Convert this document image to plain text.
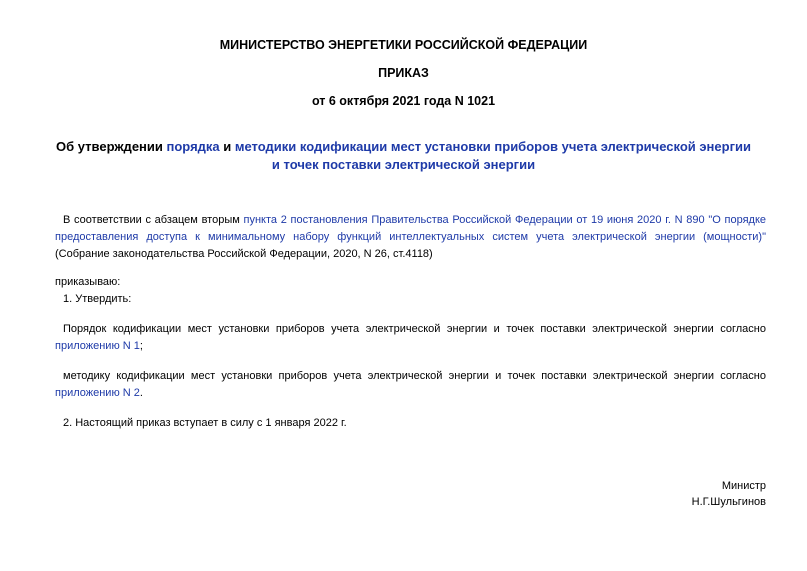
МИНИСТЕРСТВО ЭНЕРГЕТИКИ РОССИЙСКОЙ ФЕДЕРАЦИИ

ПРИКАЗ

от 6 октября 2021 года N 1021

Об утверждении порядка и методики кодификации мест установки приборов учета электрической энергии
и точек поставки электрической энергии

В соответствии с абзацем вторым пункта 2 постановления Правительства Российской Федерации от 19 июня 2020 г. N 890 "О порядке предоставления доступа к минимальному набору функций интеллектуальных систем учета электрической энергии (мощности)" (Собрание законодательства Российской Федерации, 2020, N 26, ст.4118)

приказываю:

1. Утвердить:

Порядок кодификации мест установки приборов учета электрической энергии и точек поставки электрической энергии согласно приложению N 1;

методику кодификации мест установки приборов учета электрической энергии и точек поставки электрической энергии согласно приложению N 2.

2. Настоящий приказ вступает в силу с 1 января 2022 г.

Министр

Н.Г.Шульгинов
